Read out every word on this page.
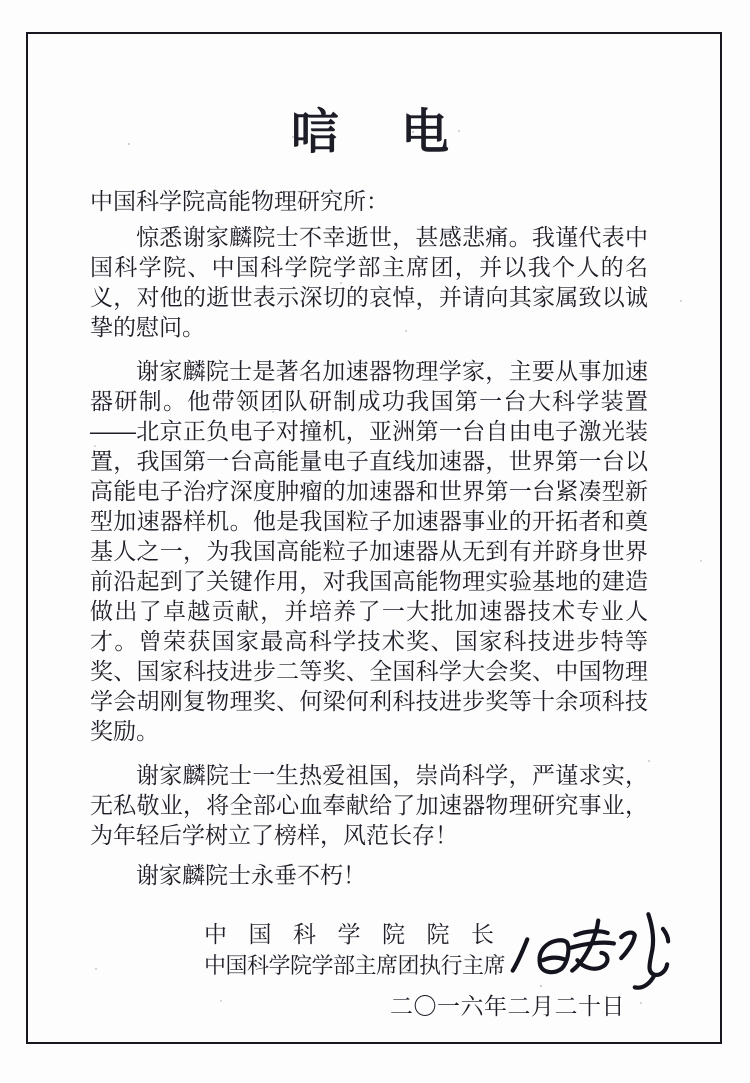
唁 电
中国科学院高能物理研究所：

惊悉谢家麟院士不幸逝世，甚感悲痛。我谨代表中国科学院、中国科学院学部主席团，并以我个人的名义，对他的逝世表示深切的哀悼，并请向其家属致以诚挚的慰问。

谢家麟院士是著名加速器物理学家，主要从事加速器研制。他带领团队研制成功我国第一台大科学装置——北京正负电子对撞机，亚洲第一台自由电子激光装置，我国第一台高能量电子直线加速器，世界第一台以高能电子治疗深度肿瘤的加速器和世界第一台紧凑型新型加速器样机。他是我国粒子加速器事业的开拓者和奠基人之一，为我国高能粒子加速器从无到有并跻身世界前沿起到了关键作用，对我国高能物理实验基地的建造做出了卓越贡献，并培养了一大批加速器技术专业人才。曾荣获国家最高科学技术奖、国家科技进步特等奖、国家科技进步二等奖、全国科学大会奖、中国物理学会胡刚复物理奖、何梁何利科技进步奖等十余项科技奖励。

谢家麟院士一生热爱祖国，崇尚科学，严谨求实，无私敬业，将全部心血奉献给了加速器物理研究事业，为年轻后学树立了榜样，风范长存！

谢家麟院士永垂不朽！

中 国 科 学 院 院 长
中国科学院学部主席团执行主席
二〇一六年二月二十日
